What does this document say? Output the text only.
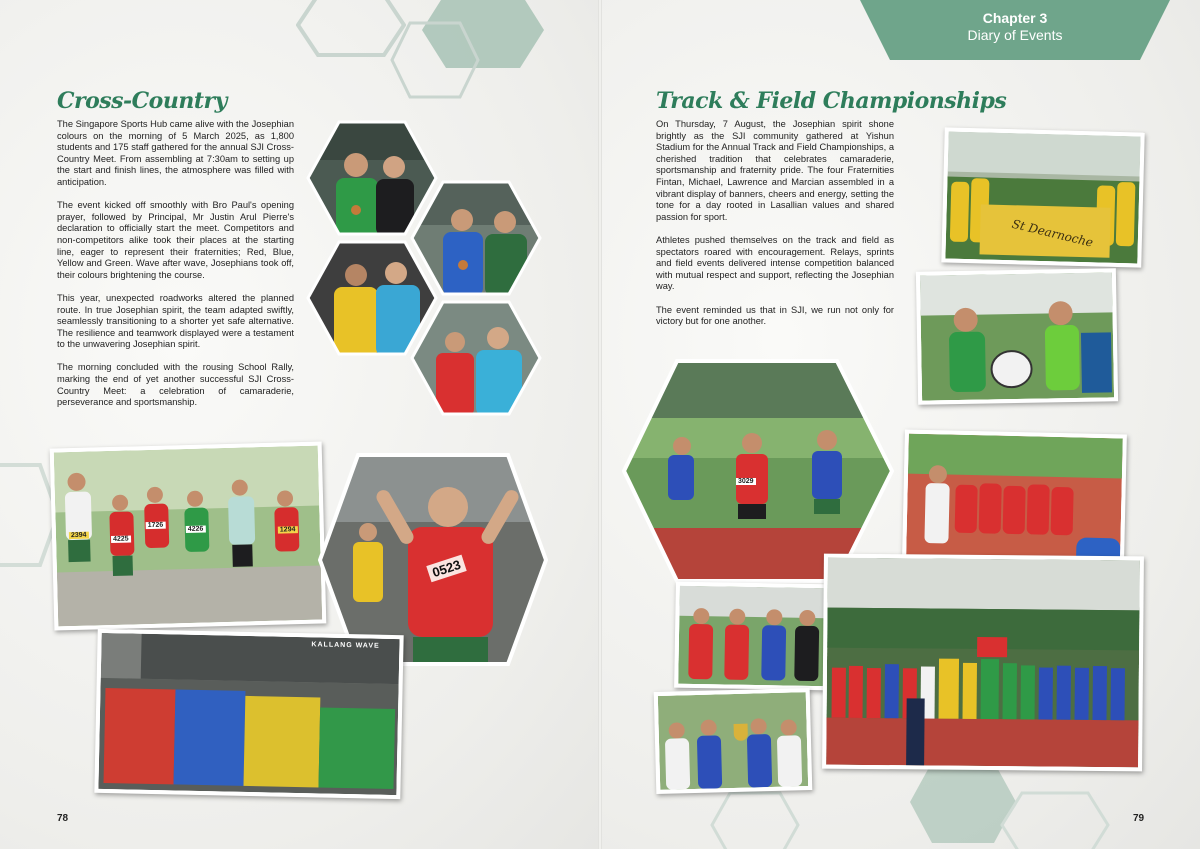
Cross-Country

The Singapore Sports Hub came alive with the Josephian colours on the morning of 5 March 2025, as 1,800 students and 175 staff gathered for the annual SJI Cross-Country Meet. From assembling at 7:30am to setting up the start and finish lines, the atmosphere was filled with anticipation.

The event kicked off smoothly with Bro Paul's opening prayer, followed by Principal, Mr Justin Arul Pierre's declaration to officially start the meet. Competitors and non-competitors alike took their places at the starting line, eager to represent their fraternities; Red, Blue, Yellow and Green. Wave after wave, Josephians took off, their colours brightening the course.

This year, unexpected roadworks altered the planned route. In true Josephian spirit, the team adapted swiftly, seamlessly transitioning to a shorter yet safe alternative. The resilience and teamwork displayed were a testament to the unwavering Josephian spirit.

The morning concluded with the rousing School Rally, marking the end of yet another successful SJI Cross-Country Meet: a celebration of camaraderie, perseverance and sportsmanship.

2394
4225
1726
4226	1294
0523
KALLANG WAVE
78
Track & Field Championships

On Thursday, 7 August, the Josephian spirit shone brightly as the SJI community gathered at Yishun Stadium for the Annual Track and Field Championships, a cherished tradition that celebrates camaraderie, sportsmanship and fraternity pride. The four Fraternities Fintan, Michael, Lawrence and Marcian assembled in a vibrant display of banners, cheers and energy, setting the tone for a day rooted in Lasallian values and shared passion for sport.

Athletes pushed themselves on the track and field as spectators roared with encouragement. Relays, sprints and field events delivered intense competition balanced with mutual respect and support, reflecting the Josephian way.

The event reminded us that in SJI, we run not only for victory but for one another.

St Dearnoche
3029
79
Chapter 3
Diary of Events
